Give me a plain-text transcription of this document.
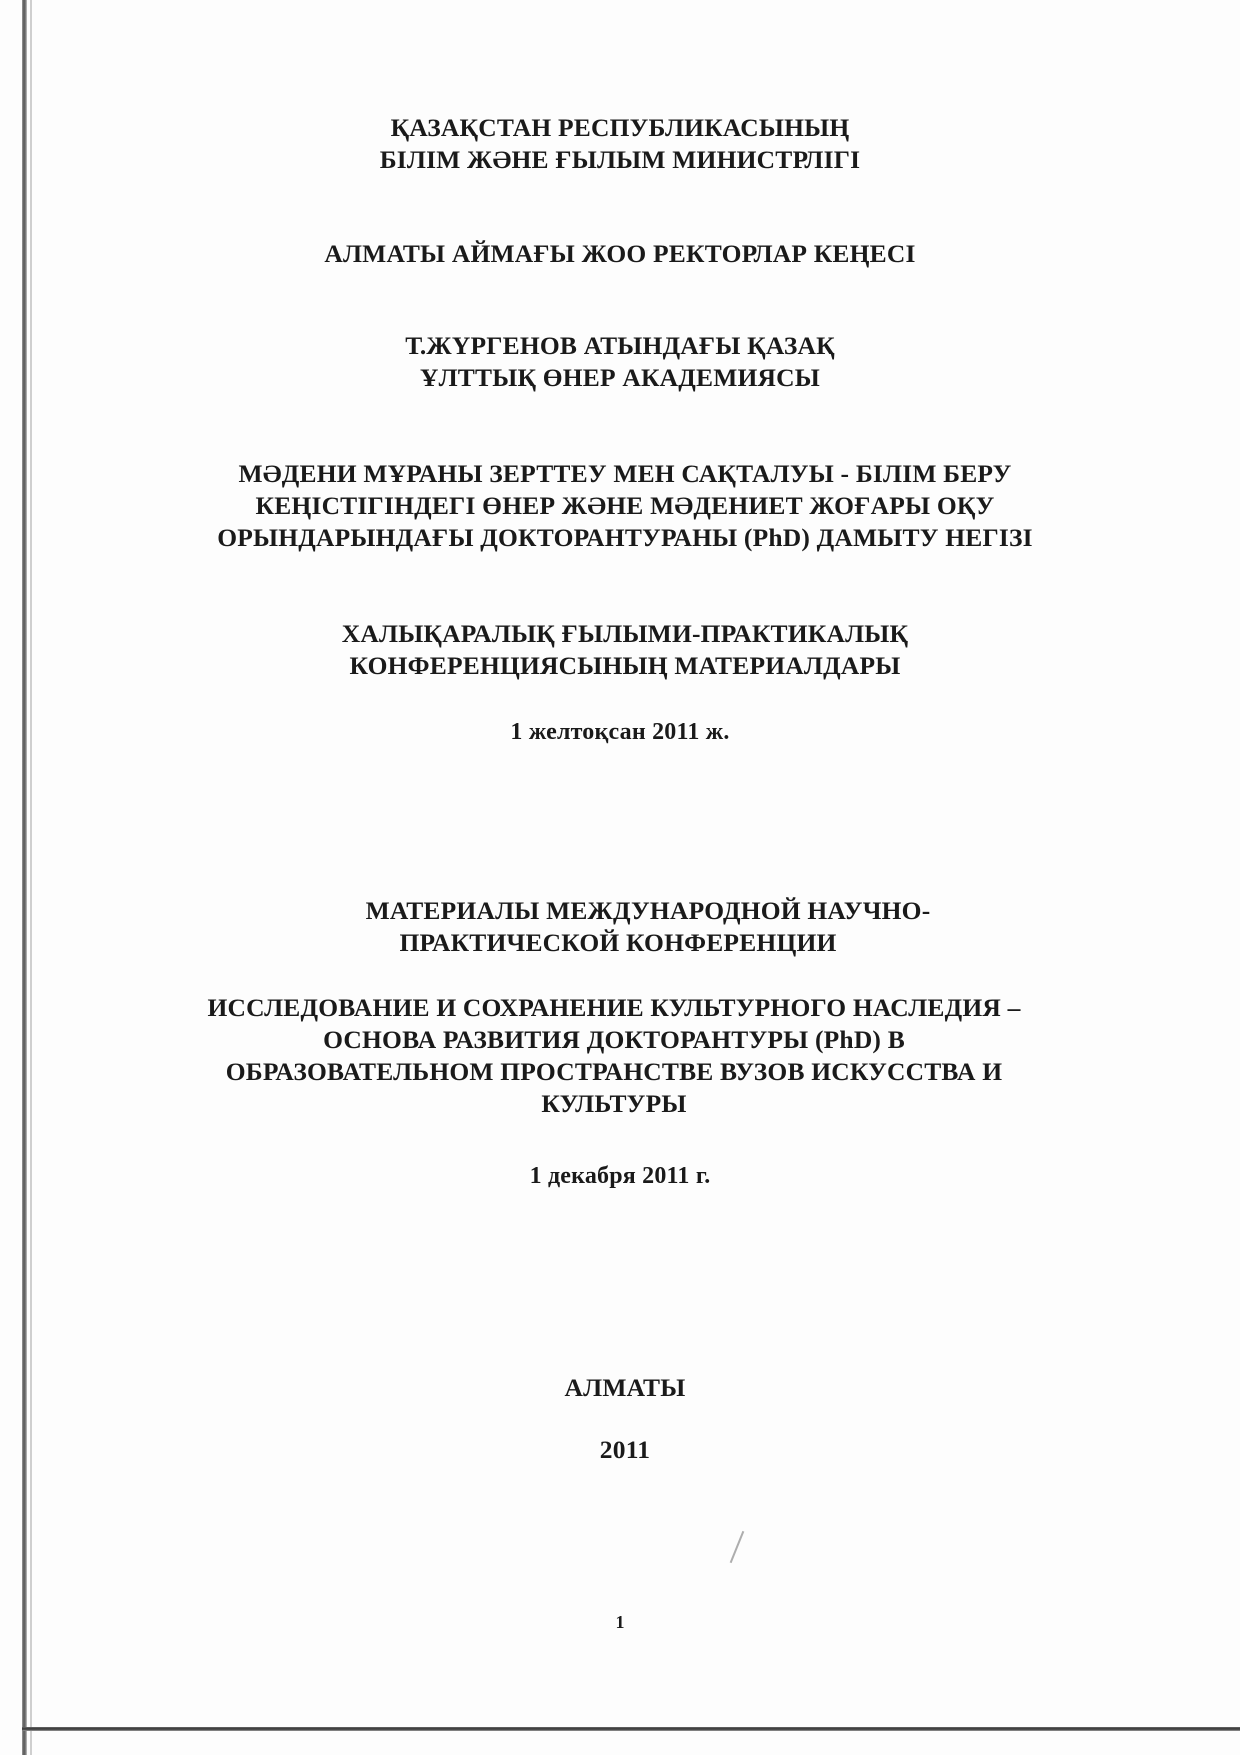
ҚАЗАҚСТАН РЕСПУБЛИКАСЫНЫҢ
БІЛІМ ЖӘНЕ ҒЫЛЫМ МИНИСТРЛІГІ
АЛМАТЫ АЙМАҒЫ ЖОО РЕКТОРЛАР КЕҢЕСІ
Т.ЖҮРГЕНОВ АТЫНДАҒЫ ҚАЗАҚ
ҰЛТТЫҚ ӨНЕР АКАДЕМИЯСЫ
МӘДЕНИ МҰРАНЫ ЗЕРТТЕУ МЕН САҚТАЛУЫ - БІЛІМ БЕРУ
КЕҢІСТІГІНДЕГІ ӨНЕР ЖӘНЕ МӘДЕНИЕТ ЖОҒАРЫ ОҚУ
ОРЫНДАРЫНДАҒЫ ДОКТОРАНТУРАНЫ (PhD) ДАМЫТУ НЕГІЗІ
ХАЛЫҚАРАЛЫҚ ҒЫЛЫМИ-ПРАКТИКАЛЫҚ
КОНФЕРЕНЦИЯСЫНЫҢ МАТЕРИАЛДАРЫ
1 желтоқсан 2011 ж.
МАТЕРИАЛЫ МЕЖДУНАРОДНОЙ НАУЧНО-
ПРАКТИЧЕСКОЙ КОНФЕРЕНЦИИ
ИССЛЕДОВАНИЕ И СОХРАНЕНИЕ КУЛЬТУРНОГО НАСЛЕДИЯ –
ОСНОВА РАЗВИТИЯ ДОКТОРАНТУРЫ (PhD) В
ОБРАЗОВАТЕЛЬНОМ ПРОСТРАНСТВЕ ВУЗОВ ИСКУССТВА И
КУЛЬТУРЫ
1 декабря 2011 г.
АЛМАТЫ
2011
1
